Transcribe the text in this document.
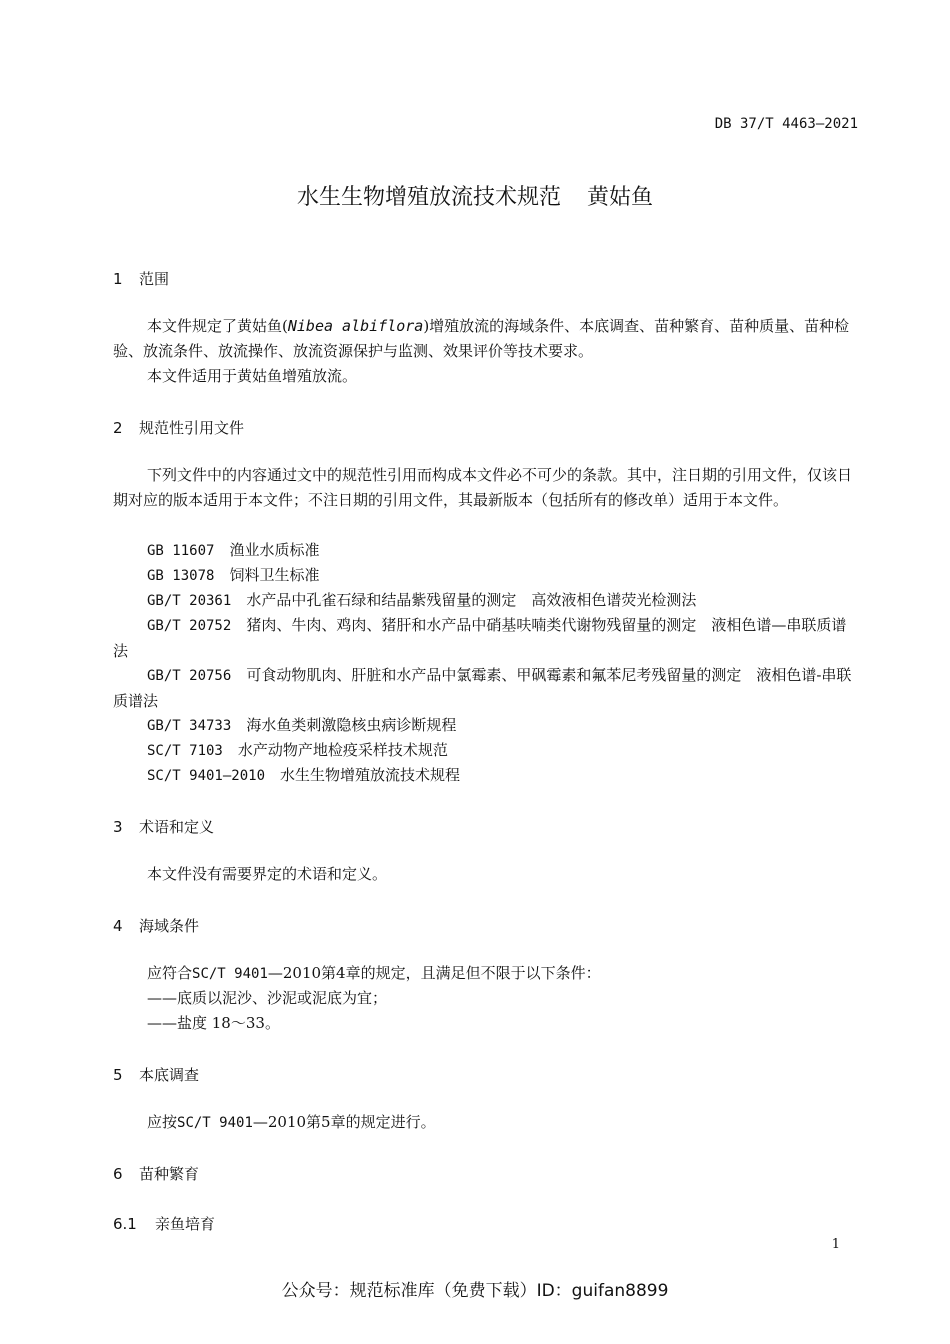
DB 37/T 4463—2021
水生生物增殖放流技术规范 黄姑鱼
1 范围
本文件规定了黄姑鱼(Nibea albiflora)增殖放流的海域条件、本底调查、苗种繁育、苗种质量、苗种检验、放流条件、放流操作、放流资源保护与监测、效果评价等技术要求。
本文件适用于黄姑鱼增殖放流。
2 规范性引用文件
下列文件中的内容通过文中的规范性引用而构成本文件必不可少的条款。其中，注日期的引用文件，仅该日期对应的版本适用于本文件；不注日期的引用文件，其最新版本（包括所有的修改单）适用于本文件。
GB 11607　 渔业水质标准
GB 13078　 饲料卫生标准
GB/T 20361　 水产品中孔雀石绿和结晶紫残留量的测定　高效液相色谱荧光检测法
GB/T 20752　 猪肉、牛肉、鸡肉、猪肝和水产品中硝基呋喃类代谢物残留量的测定　液相色谱—串联质谱法
GB/T 20756　 可食动物肌肉、肝脏和水产品中氯霉素、甲砜霉素和氟苯尼考残留量的测定　液相色谱-串联质谱法
GB/T 34733　 海水鱼类刺激隐核虫病诊断规程
SC/T 7103　 水产动物产地检疫采样技术规范
SC/T 9401—2010　 水生生物增殖放流技术规程
3 术语和定义
本文件没有需要界定的术语和定义。
4 海域条件
应符合SC/T 9401—2010第4章的规定，且满足但不限于以下条件：
——底质以泥沙、沙泥或泥底为宜；
——盐度 18～33。
5 本底调查
应按SC/T 9401—2010第5章的规定进行。
6 苗种繁育
6.1 亲鱼培育
1
公众号：规范标准库（免费下载）ID：guifan8899
